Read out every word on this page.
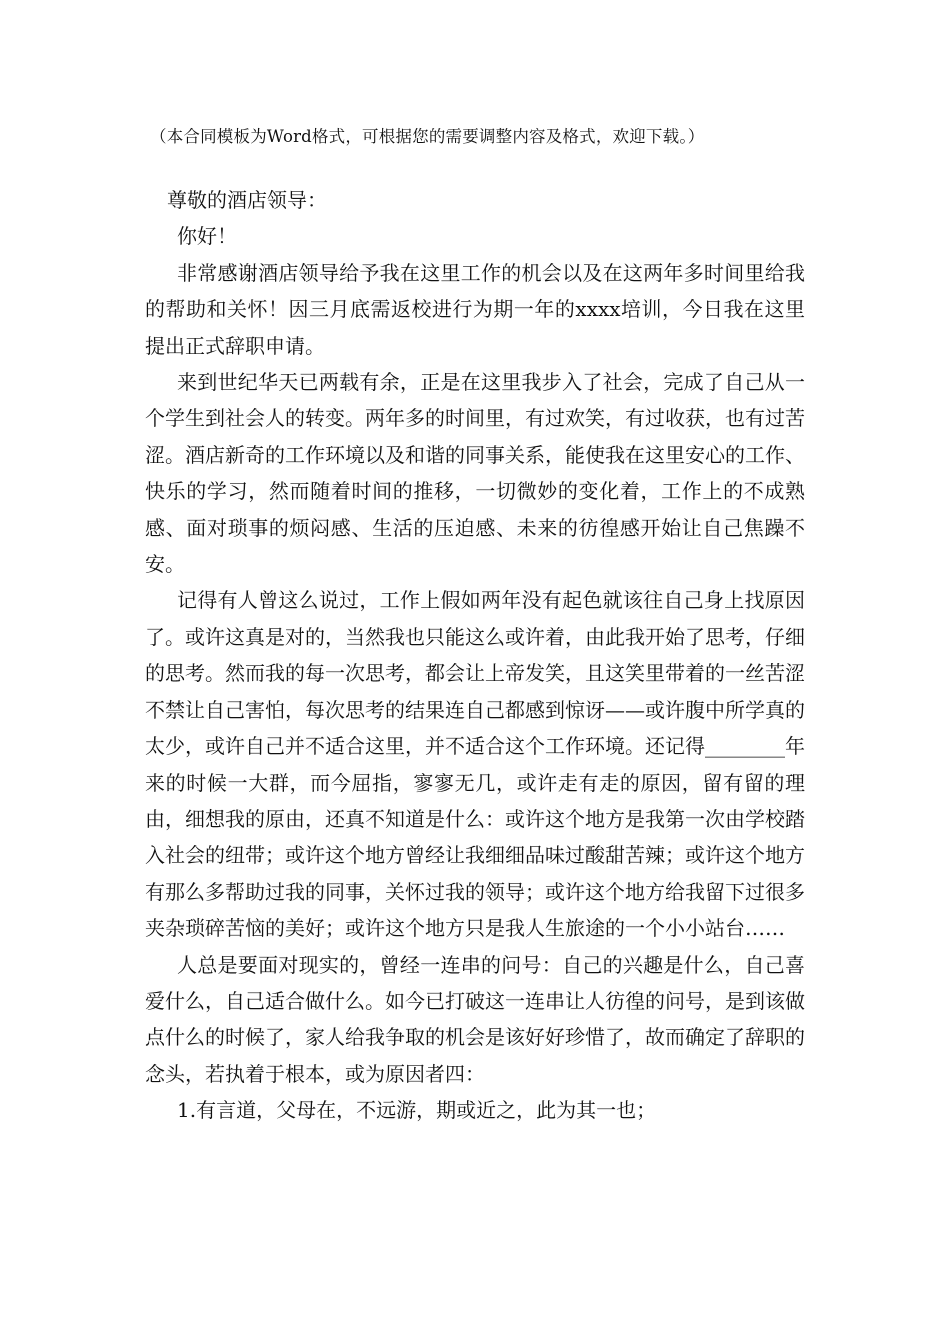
（本合同模板为Word格式，可根据您的需要调整内容及格式，欢迎下载。）

尊敬的酒店领导：

你好！

非常感谢酒店领导给予我在这里工作的机会以及在这两年多时间里给我的帮助和关怀！因三月底需返校进行为期一年的xxxx培训，今日我在这里提出正式辞职申请。

来到世纪华天已两载有余，正是在这里我步入了社会，完成了自己从一个学生到社会人的转变。两年多的时间里，有过欢笑，有过收获，也有过苦涩。酒店新奇的工作环境以及和谐的同事关系，能使我在这里安心的工作、快乐的学习，然而随着时间的推移，一切微妙的变化着，工作上的不成熟感、面对琐事的烦闷感、生活的压迫感、未来的彷徨感开始让自己焦躁不安。

记得有人曾这么说过，工作上假如两年没有起色就该往自己身上找原因了。或许这真是对的，当然我也只能这么或许着，由此我开始了思考，仔细的思考。然而我的每一次思考，都会让上帝发笑，且这笑里带着的一丝苦涩不禁让自己害怕，每次思考的结果连自己都感到惊讶——或许腹中所学真的太少，或许自己并不适合这里，并不适合这个工作环境。还记得________年来的时候一大群，而今屈指，寥寥无几，或许走有走的原因，留有留的理由，细想我的原由，还真不知道是什么：或许这个地方是我第一次由学校踏入社会的纽带；或许这个地方曾经让我细细品味过酸甜苦辣；或许这个地方有那么多帮助过我的同事，关怀过我的领导；或许这个地方给我留下过很多夹杂琐碎苦恼的美好；或许这个地方只是我人生旅途的一个小小站台……

人总是要面对现实的，曾经一连串的问号：自己的兴趣是什么，自己喜爱什么，自己适合做什么。如今已打破这一连串让人彷徨的问号，是到该做点什么的时候了，家人给我争取的机会是该好好珍惜了，故而确定了辞职的念头，若执着于根本，或为原因者四：

1.有言道，父母在，不远游，期或近之，此为其一也；
